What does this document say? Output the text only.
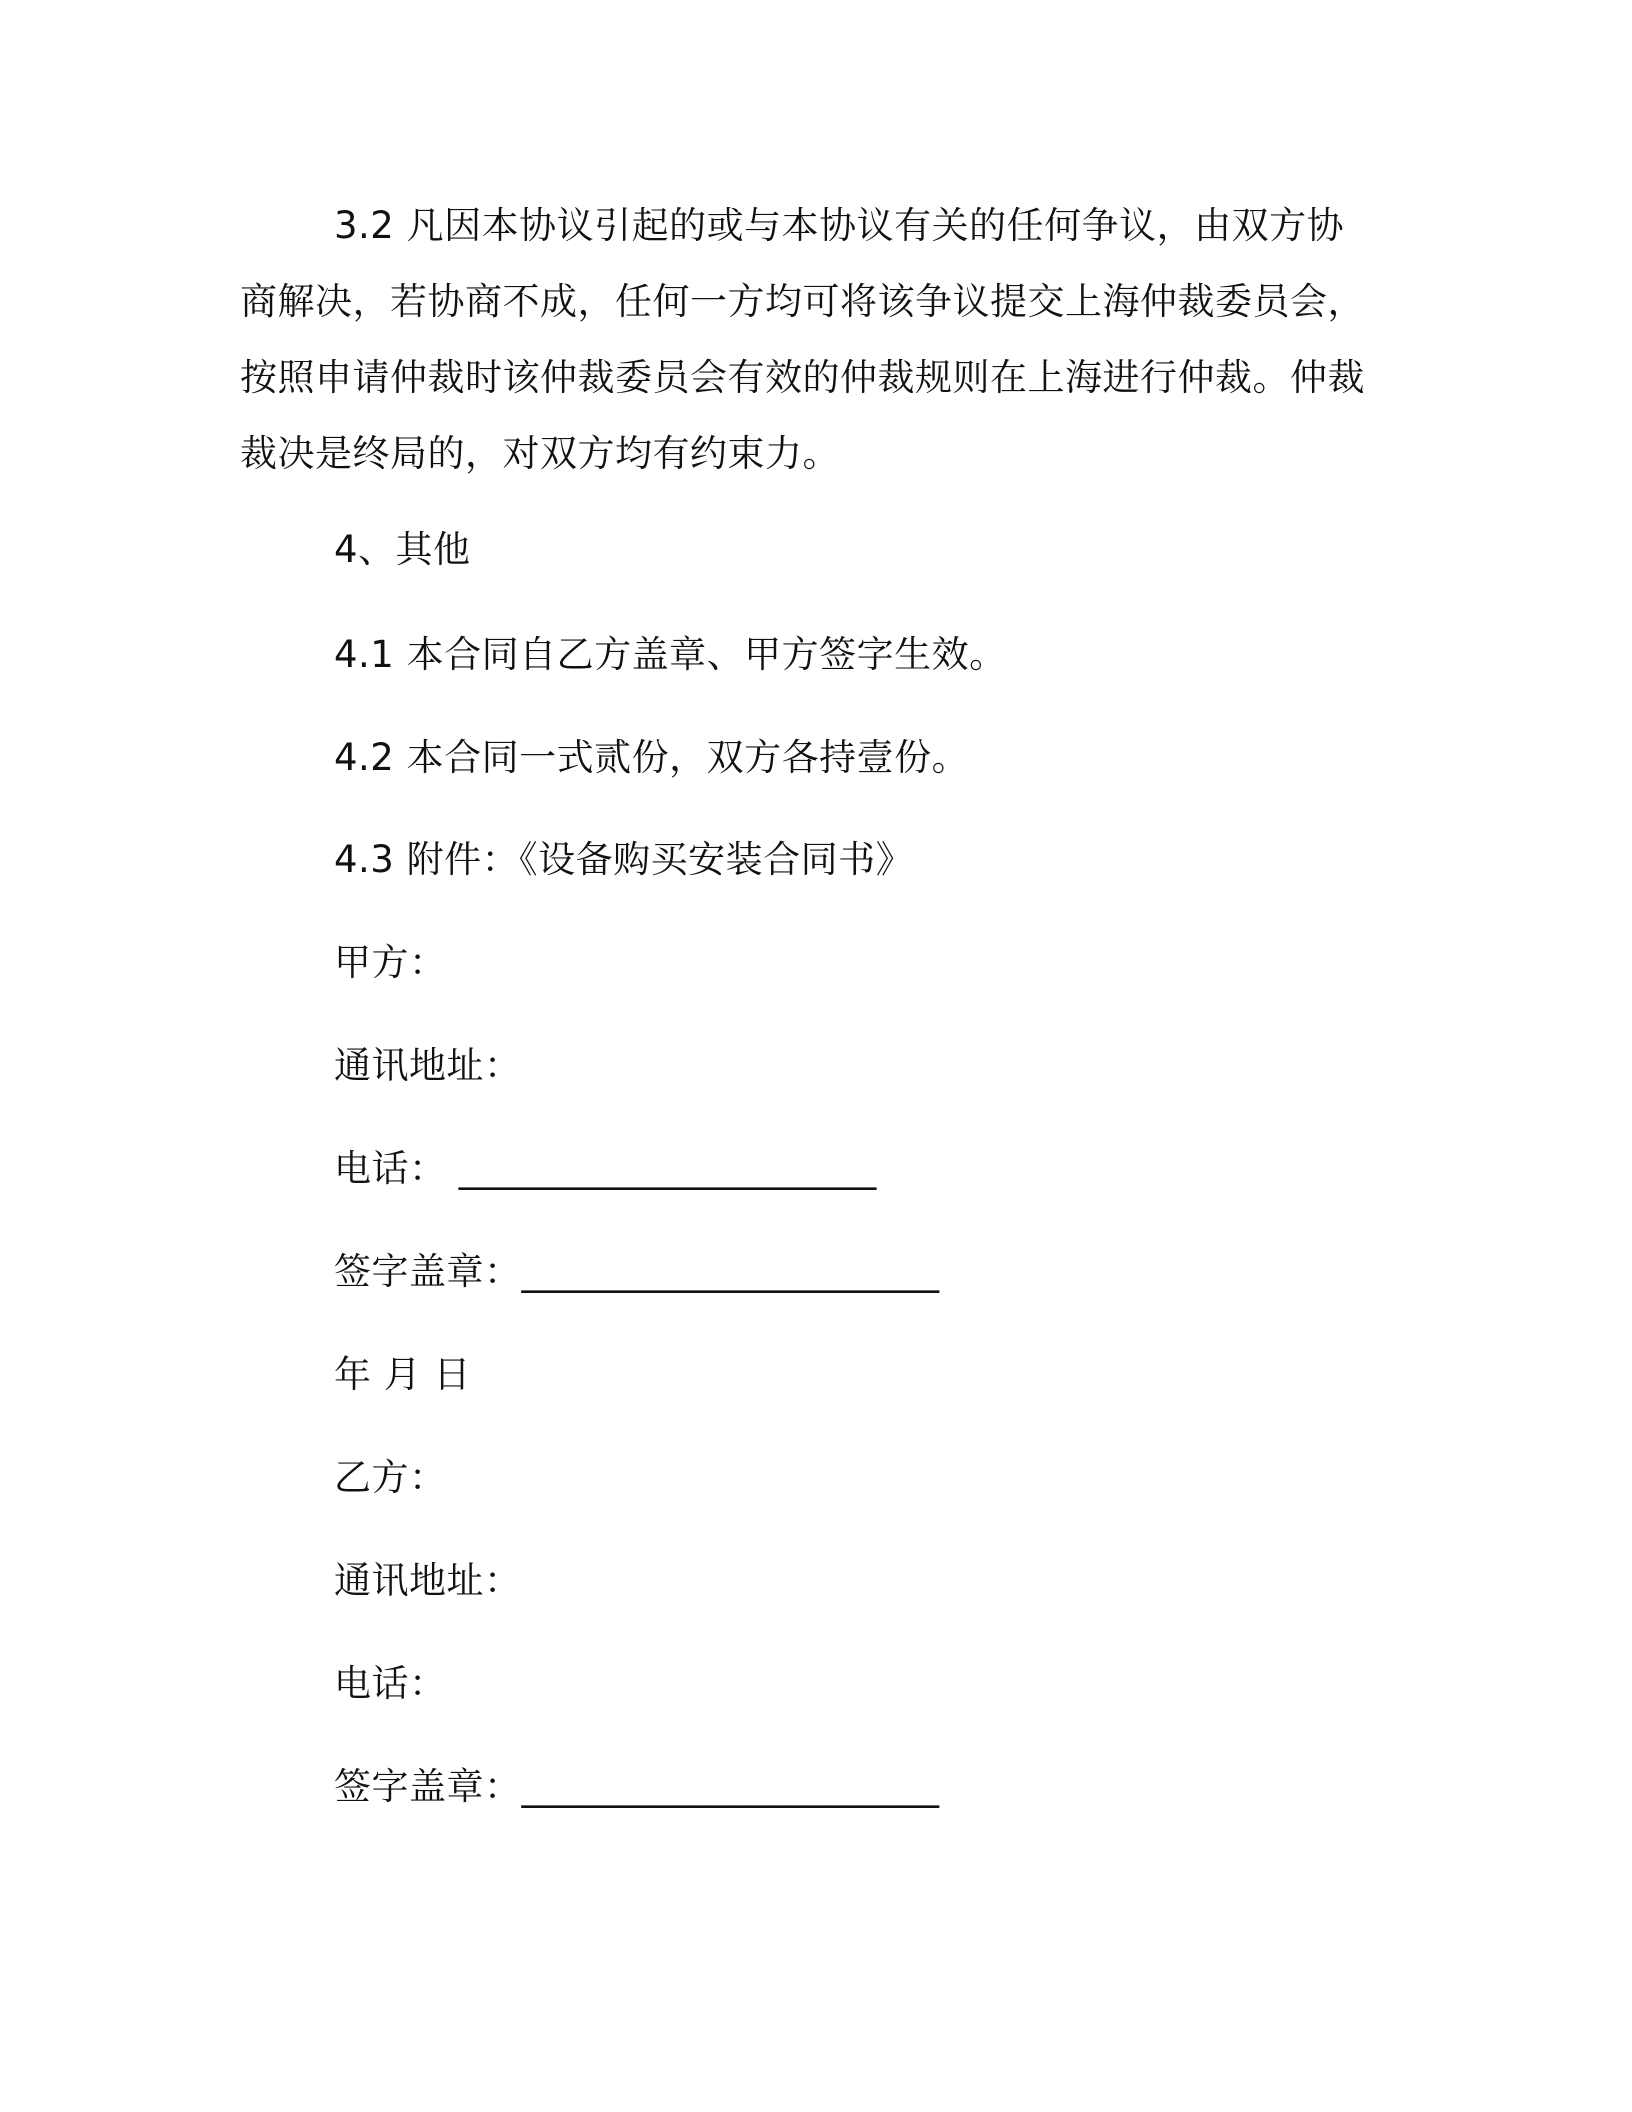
3.2 凡因本协议引起的或与本协议有关的任何争议，由双方协商解决，若协商不成，任何一方均可将该争议提交上海仲裁委员会，按照申请仲裁时该仲裁委员会有效的仲裁规则在上海进行仲裁。仲裁裁决是终局的，对双方均有约束力。

4、其他
4.1 本合同自乙方盖章、甲方签字生效。
4.2 本合同一式贰份，双方各持壹份。
4.3 附件：《设备购买安装合同书》
甲方：
通讯地址：
电话： ______________________
签字盖章：______________________
年 月 日
乙方：
通讯地址：
电话：
签字盖章：______________________
